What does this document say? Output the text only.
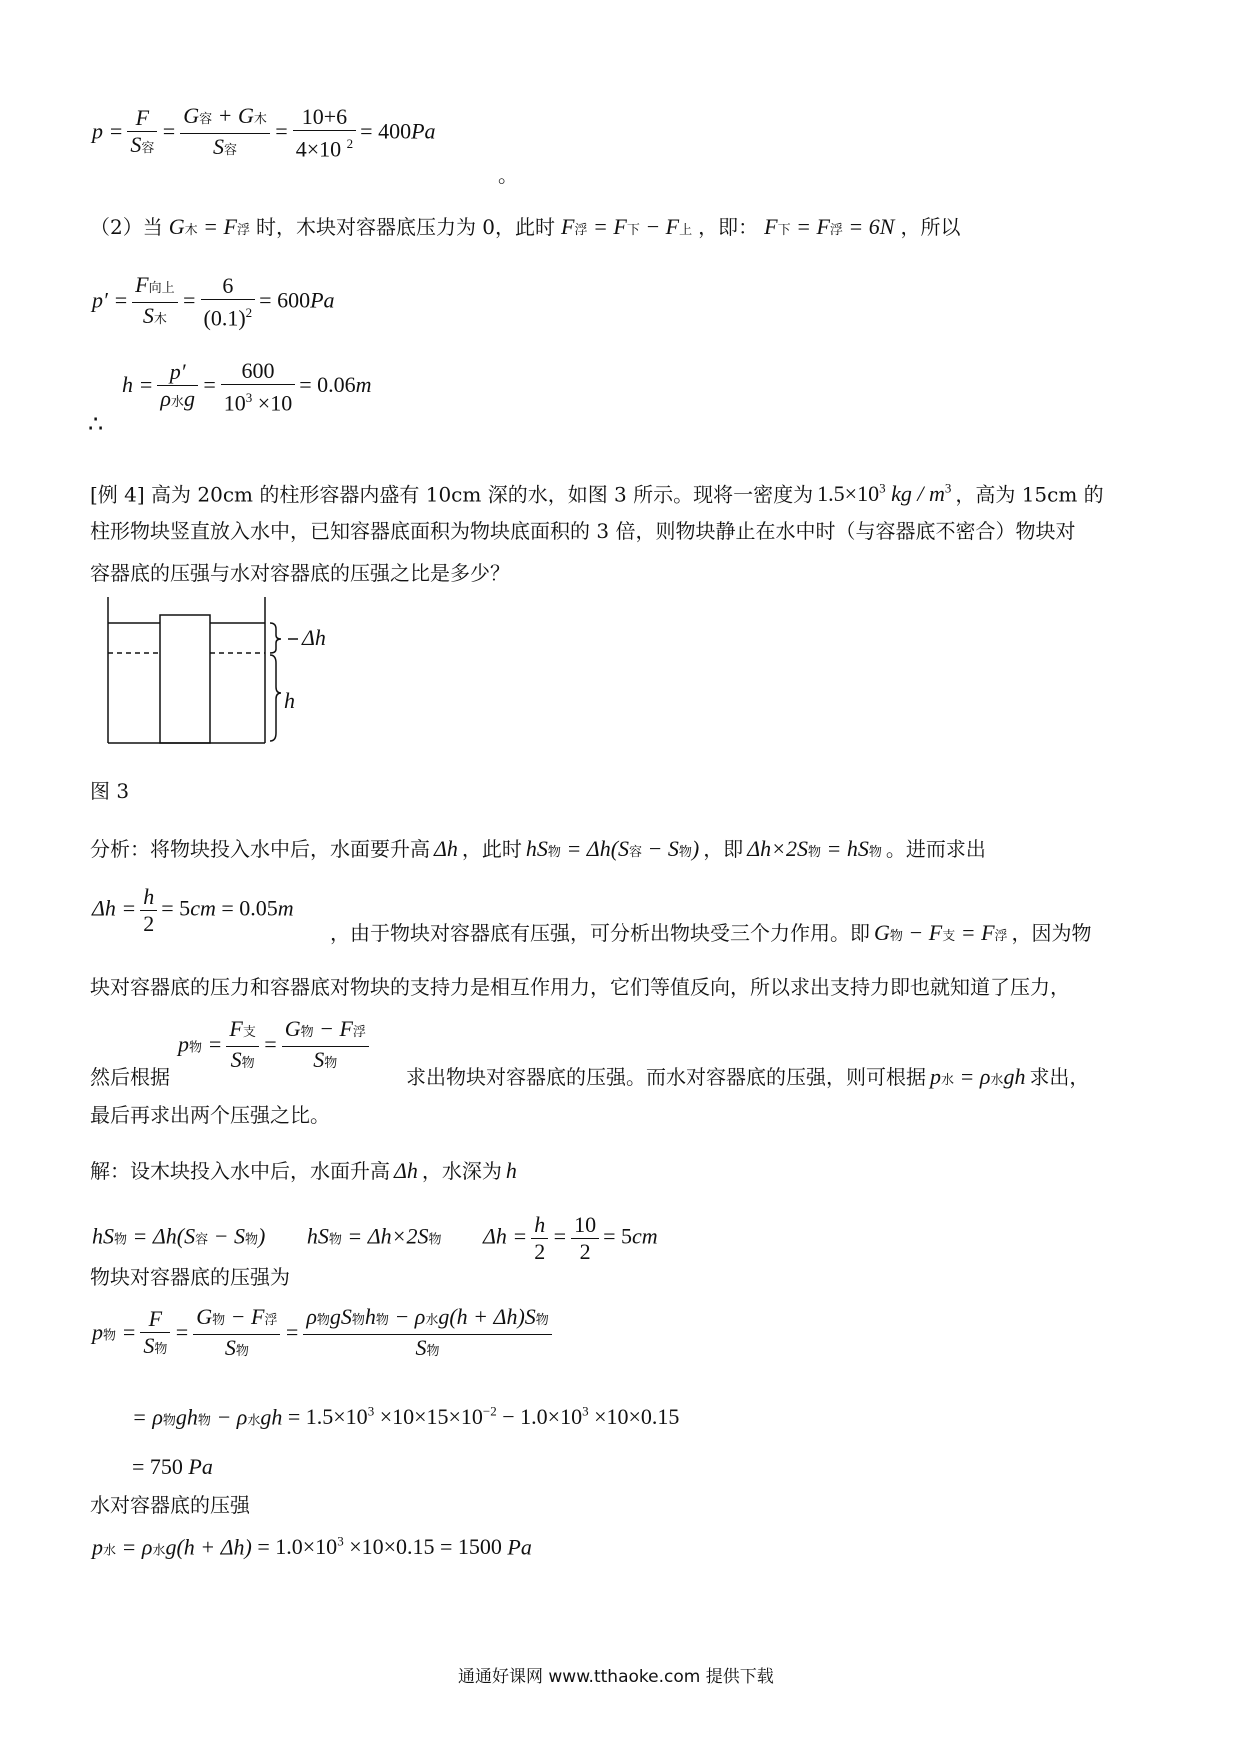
$p = \frac{F}{\text{S容}} = \frac{\text{G容 + G木}}{\text{S容}} = \frac{10+6}{4\times 10 ^2} = 400Pa$
。
（2）当 G木 = F浮 时，木块对容器底压力为 0，此时 F浮 = F下 − F上 ，即： F下 = F浮 = 6N ，所以
$p' = \frac{\text{F向上}}{\text{S木}} = \frac{6}{(0.1)^2} = 600Pa$
$h = \frac{p'}{\text{ρ水g}} = \frac{600}{10^3 \times 10} = 0.06m$
∴
[例 4] 高为 20cm 的柱形容器内盛有 10cm 深的水，如图 3 所示。现将一密度为 $1.5\times 10^3$ kg / $m^3$ ，高为 15cm 的
柱形物块竖直放入水中，已知容器底面积为物块底面积的 3 倍，则物块静止在水中时（与容器底不密合）物块对
容器底的压强与水对容器底的压强之比是多少？
Δh
h
图 3
分析：将物块投入水中后，水面要升高 Δh ，此时 hS物 = Δh(S容 − S物) ，即 Δh×2S物 = hS物 。进而求出
$\Delta h = \frac{h}{2} = 5cm = 0.05m$
，由于物块对容器底有压强，可分析出物块受三个力作用。即 G物 − F支 = F浮 ，因为物
块对容器底的压力和容器底对物块的支持力是相互作用力，它们等值反向，所以求出支持力即也就知道了压力，
p物 = $\frac{\text{F支}}{\text{S物}} = \frac{\text{G物 − F浮}}{\text{S物}}$
然后根据	求出物块对容器底的压强。而水对容器底的压强，则可根据 p水 = ρ水gh 求出，
最后再求出两个压强之比。
解：设木块投入水中后，水面升高 Δh ，水深为 h
hS物 = Δh(S容 − S物) hS物 = Δh×2S物 $\Delta h = \frac{h}{2} = \frac{10}{2} = 5cm$
物块对容器底的压强为
p物 = $\frac{F}{\text{S物}} = \frac{\text{G物 − F浮}}{\text{S物}} = \frac{\text{ρ物gS物h物 − ρ水g(h + Δh)S物}}{\text{S物}}$
= ρ物gh物 − ρ水gh = $1.5\times 10^3 \times 10\times 15\times 10^{-2} - 1.0\times 10^3 \times 10\times 0.15$
= 750 Pa
水对容器底的压强
p水 = ρ水$g(h + \Delta h) = 1.0\times 10^3 \times 10\times 0.15 = 1500$ Pa
通通好课网 www.tthaoke.com 提供下载
